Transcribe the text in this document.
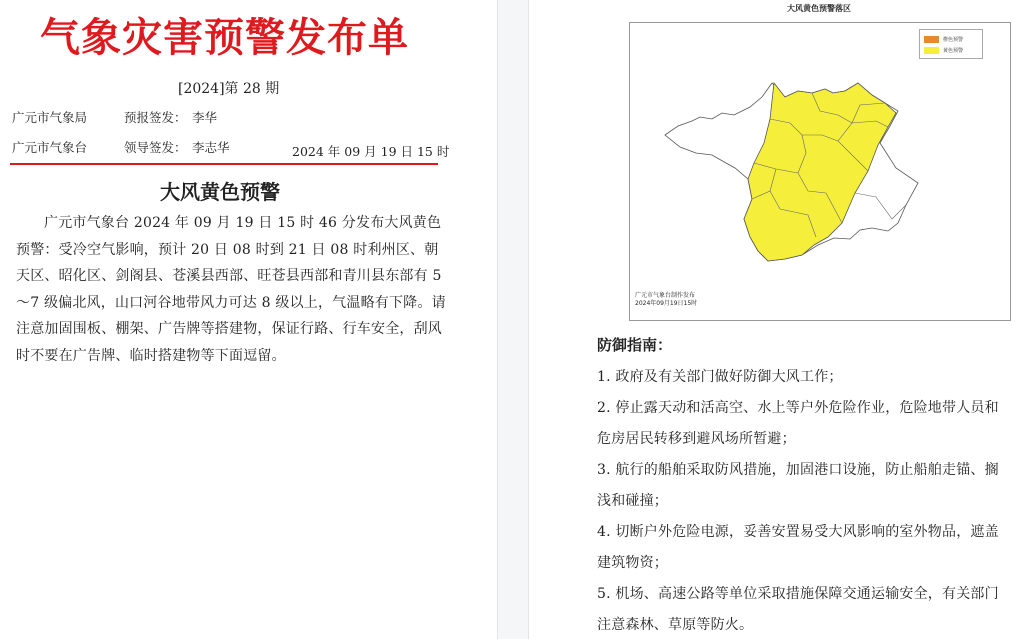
气象灾害预警发布单
[2024]第 28 期
广元市气象局	预报签发： 李华
广元市气象台	领导签发： 李志华	2024 年 09 月 19 日 15 时
大风黄色预警
广元市气象台 2024 年 09 月 19 日 15 时 46 分发布大风黄色预警：受冷空气影响，预计 20 日 08 时到 21 日 08 时利州区、朝天区、昭化区、剑阁县、苍溪县西部、旺苍县西部和青川县东部有 5～7 级偏北风，山口河谷地带风力可达 8 级以上，气温略有下降。请注意加固围板、棚架、广告牌等搭建物，保证行路、行车安全，刮风时不要在广告牌、临时搭建物等下面逗留。
大风黄色预警落区
橙色预警
黄色预警
广元市气象台制作发布
2024年09月19日15时
防御指南：
1. 政府及有关部门做好防御大风工作；
2. 停止露天动和活高空、水上等户外危险作业，危险地带人员和危房居民转移到避风场所暂避；
3. 航行的船舶采取防风措施，加固港口设施，防止船舶走锚、搁浅和碰撞；
4. 切断户外危险电源，妥善安置易受大风影响的室外物品，遮盖建筑物资；
5. 机场、高速公路等单位采取措施保障交通运输安全，有关部门注意森林、草原等防火。
